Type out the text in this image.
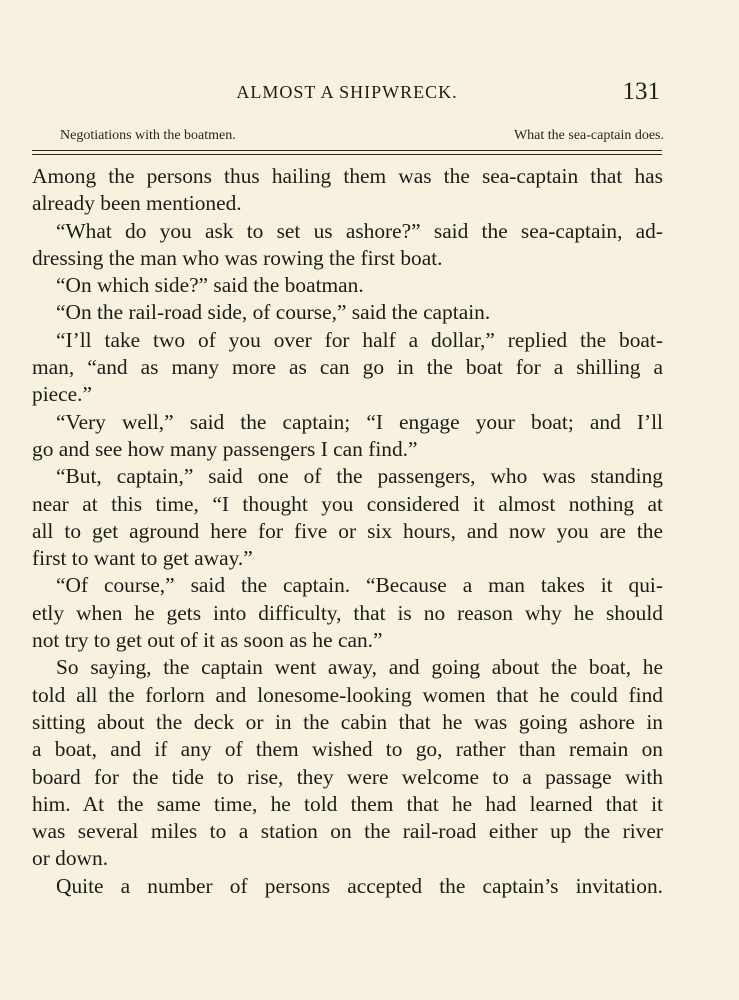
ALMOST A SHIPWRECK.	131
Negotiations with the boatmen.	What the sea-captain does.
Among the persons thus hailing them was the sea-captain that has
already been mentioned.
“What do you ask to set us ashore?” said the sea-captain, ad-
dressing the man who was rowing the first boat.
“On which side?” said the boatman.
“On the rail-road side, of course,” said the captain.
“I’ll take two of you over for half a dollar,” replied the boat-
man, “and as many more as can go in the boat for a shilling a
piece.”
“Very well,” said the captain; “I engage your boat; and I’ll
go and see how many passengers I can find.”
“But, captain,” said one of the passengers, who was standing
near at this time, “I thought you considered it almost nothing at
all to get aground here for five or six hours, and now you are the
first to want to get away.”
“Of course,” said the captain. “Because a man takes it qui-
etly when he gets into difficulty, that is no reason why he should
not try to get out of it as soon as he can.”
So saying, the captain went away, and going about the boat, he
told all the forlorn and lonesome-looking women that he could find
sitting about the deck or in the cabin that he was going ashore in
a boat, and if any of them wished to go, rather than remain on
board for the tide to rise, they were welcome to a passage with
him. At the same time, he told them that he had learned that it
was several miles to a station on the rail-road either up the river
or down.
Quite a number of persons accepted the captain’s invitation.
